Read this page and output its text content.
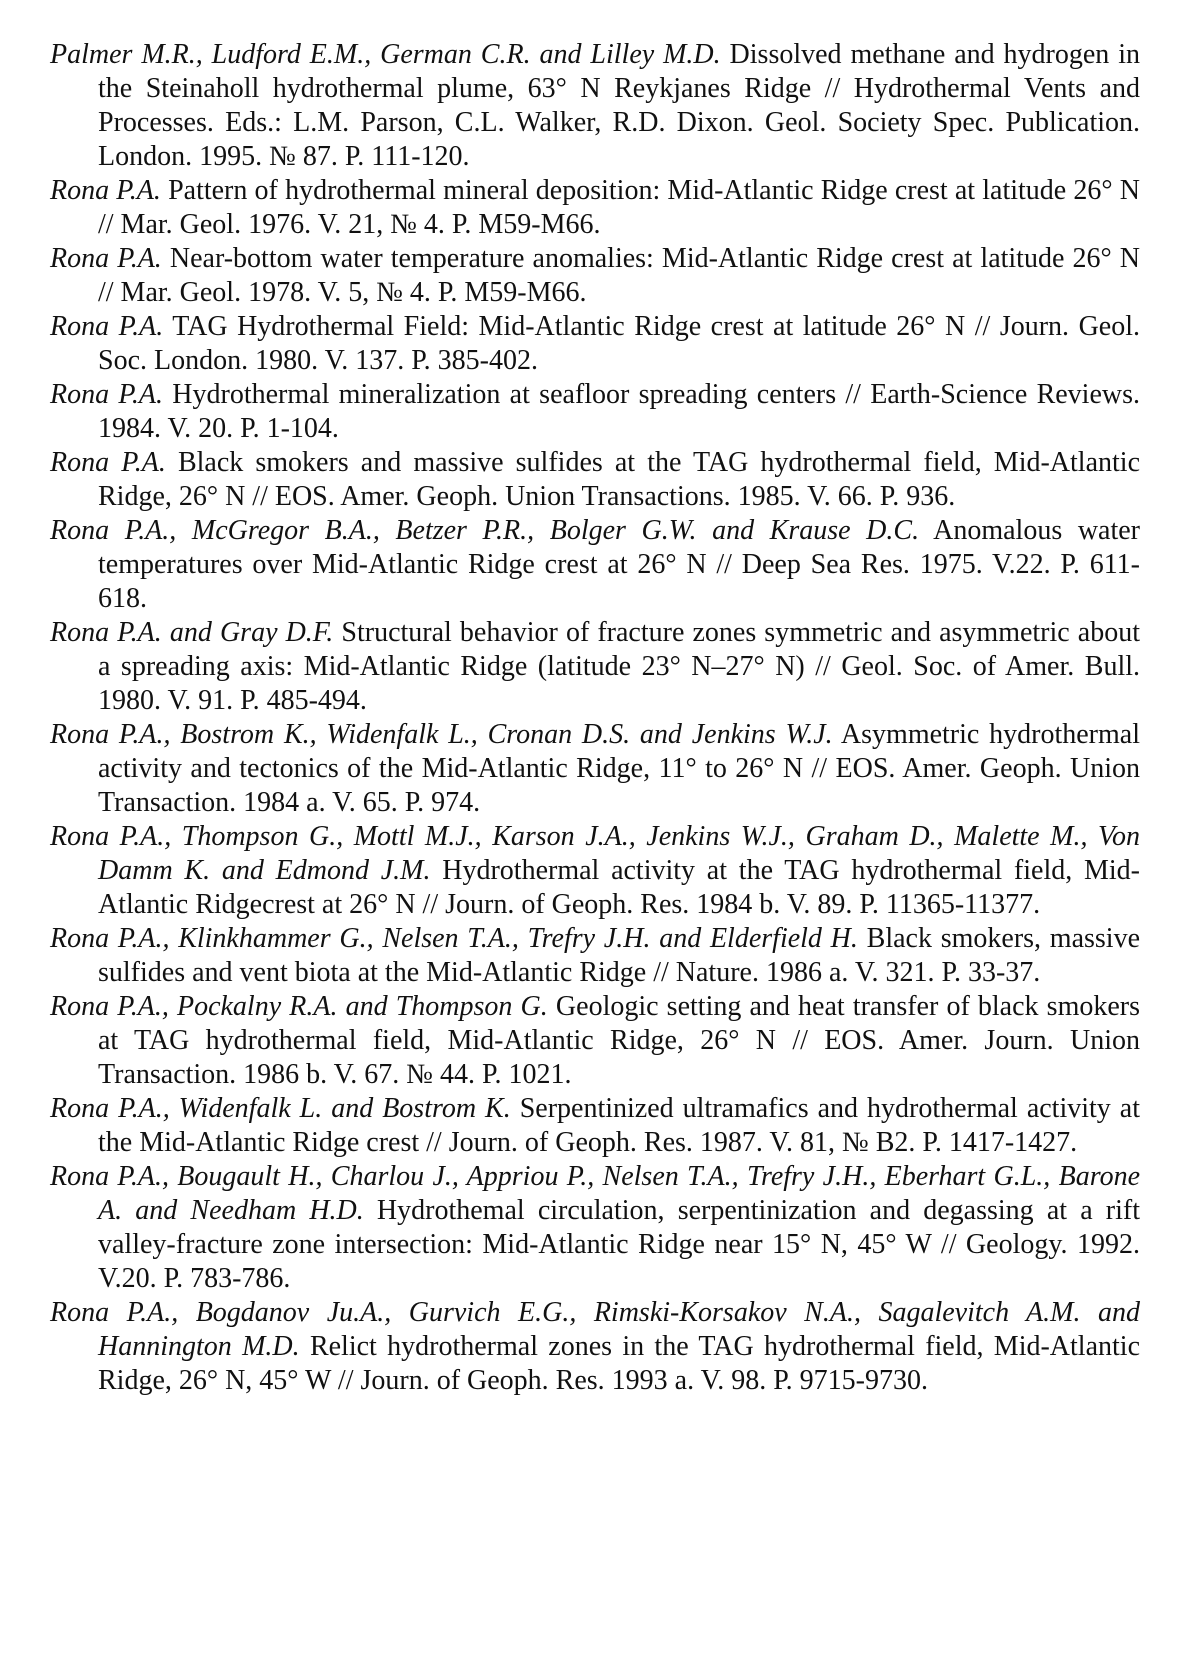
Palmer M.R., Ludford E.M., German C.R. and Lilley M.D. Dissolved methane and hydrogen in the Steinaholl hydrothermal plume, 63° N Reykjanes Ridge // Hydrothermal Vents and Processes. Eds.: L.M. Parson, C.L. Walker, R.D. Dixon. Geol. Society Spec. Publication. London. 1995. № 87. P. 111-120.

Rona P.A. Pattern of hydrothermal mineral deposition: Mid-Atlantic Ridge crest at latitude 26° N // Mar. Geol. 1976. V. 21, № 4. P. M59-M66.

Rona P.A. Near-bottom water temperature anomalies: Mid-Atlantic Ridge crest at latitude 26° N // Mar. Geol. 1978. V. 5, № 4. P. M59-M66.

Rona P.A. TAG Hydrothermal Field: Mid-Atlantic Ridge crest at latitude 26° N // Journ. Geol. Soc. London. 1980. V. 137. P. 385-402.

Rona P.A. Hydrothermal mineralization at seafloor spreading centers // Earth-Science Reviews. 1984. V. 20. P. 1-104.

Rona P.A. Black smokers and massive sulfides at the TAG hydrothermal field, Mid-Atlantic Ridge, 26° N // EOS. Amer. Geoph. Union Transactions. 1985. V. 66. P. 936.

Rona P.A., McGregor B.A., Betzer P.R., Bolger G.W. and Krause D.C. Anomalous water temperatures over Mid-Atlantic Ridge crest at 26° N // Deep Sea Res. 1975. V.22. P. 611-618.

Rona P.A. and Gray D.F. Structural behavior of fracture zones symmetric and asymmetric about a spreading axis: Mid-Atlantic Ridge (latitude 23° N–27° N) // Geol. Soc. of Amer. Bull. 1980. V. 91. P. 485-494.

Rona P.A., Bostrom K., Widenfalk L., Cronan D.S. and Jenkins W.J. Asymmetric hydrothermal activity and tectonics of the Mid-Atlantic Ridge, 11° to 26° N // EOS. Amer. Geoph. Union Transaction. 1984 a. V. 65. P. 974.

Rona P.A., Thompson G., Mottl M.J., Karson J.A., Jenkins W.J., Graham D., Malette M., Von Damm K. and Edmond J.M. Hydrothermal activity at the TAG hydrothermal field, Mid- Atlantic Ridgecrest at 26° N // Journ. of Geoph. Res. 1984 b. V. 89. P. 11365-11377.

Rona P.A., Klinkhammer G., Nelsen T.A., Trefry J.H. and Elderfield H. Black smokers, massive sulfides and vent biota at the Mid-Atlantic Ridge // Nature. 1986 a. V. 321. P. 33-37.

Rona P.A., Pockalny R.A. and Thompson G. Geologic setting and heat transfer of black smokers at TAG hydrothermal field, Mid-Atlantic Ridge, 26° N // EOS. Amer. Journ. Union Transaction. 1986 b. V. 67. № 44. P. 1021.

Rona P.A., Widenfalk L. and Bostrom K. Serpentinized ultramafics and hydrothermal activity at the Mid-Atlantic Ridge crest // Journ. of Geoph. Res. 1987. V. 81, № B2. P. 1417-1427.

Rona P.A., Bougault H., Charlou J., Appriou P., Nelsen T.A., Trefry J.H., Eberhart G.L., Barone A. and Needham H.D. Hydrothemal circulation, serpentinization and degassing at a rift valley-fracture zone intersection: Mid-Atlantic Ridge near 15° N, 45° W // Geology. 1992. V.20. P. 783-786.

Rona P.A., Bogdanov Ju.A., Gurvich E.G., Rimski-Korsakov N.A., Sagalevitch A.M. and Hannington M.D. Relict hydrothermal zones in the TAG hydrothermal field, Mid-Atlantic Ridge, 26° N, 45° W // Journ. of Geoph. Res. 1993 a. V. 98. P. 9715-9730.
